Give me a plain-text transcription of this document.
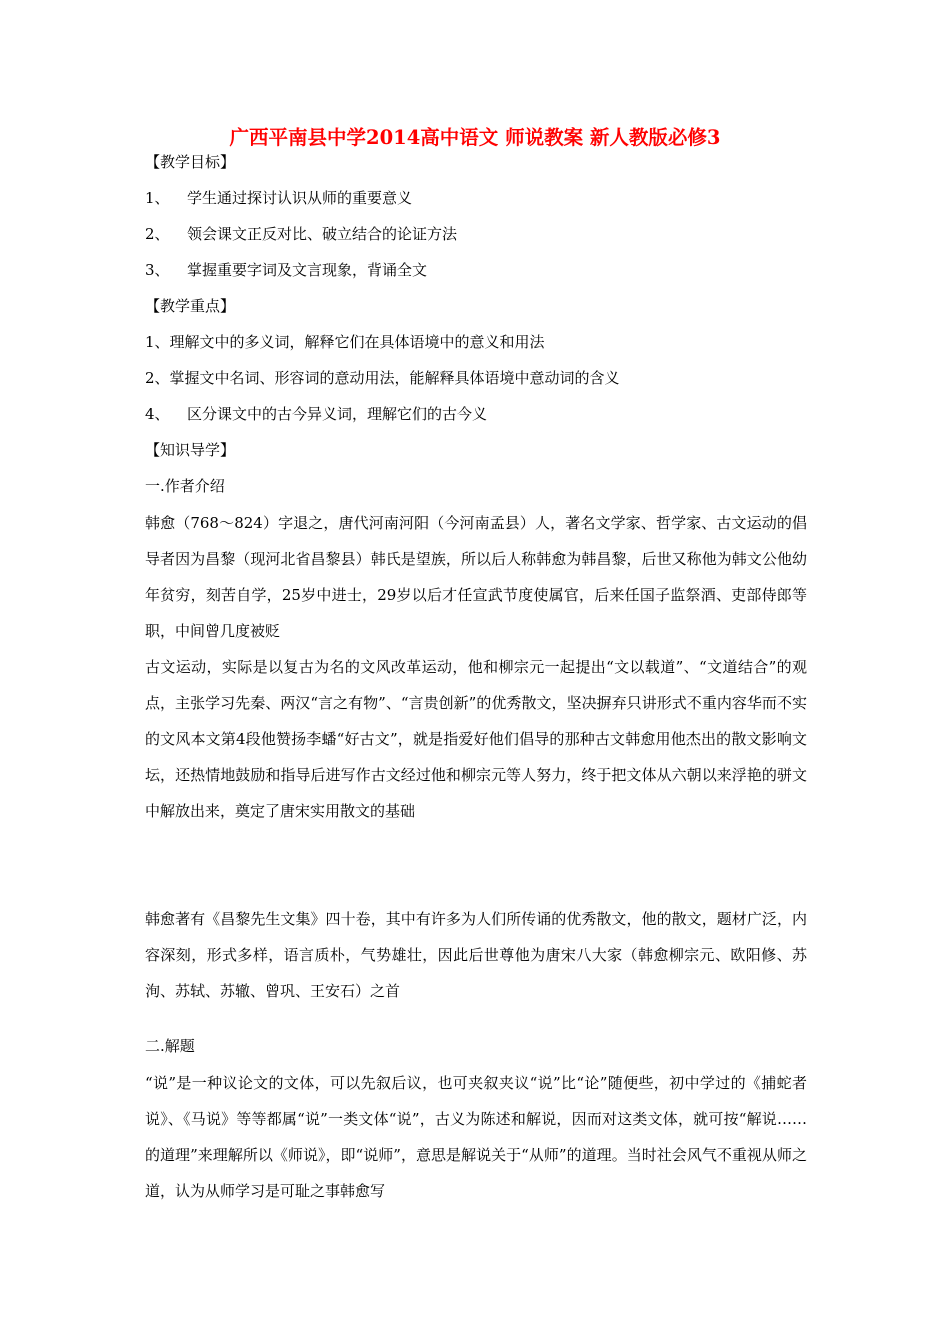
广西平南县中学2014高中语文 师说教案 新人教版必修3
【教学目标】
1、 学生通过探讨认识从师的重要意义
2、 领会课文正反对比、破立结合的论证方法
3、 掌握重要字词及文言现象，背诵全文
【教学重点】
1、理解文中的多义词，解释它们在具体语境中的意义和用法
2、掌握文中名词、形容词的意动用法，能解释具体语境中意动词的含义
4、 区分课文中的古今异义词，理解它们的古今义
【知识导学】
一.作者介绍

韩愈（768～824）字退之，唐代河南河阳（今河南孟县）人，著名文学家、哲学家、古文运动的倡导者因为昌黎（现河北省昌黎县）韩氏是望族，所以后人称韩愈为韩昌黎，后世又称他为韩文公他幼年贫穷，刻苦自学，25岁中进士，29岁以后才任宣武节度使属官，后来任国子监祭酒、吏部侍郎等职，中间曾几度被贬

古文运动，实际是以复古为名的文风改革运动，他和柳宗元一起提出“文以载道”、“文道结合”的观点，主张学习先秦、两汉“言之有物”、“言贵创新”的优秀散文，坚决摒弃只讲形式不重内容华而不实的文风本文第4段他赞扬李蟠“好古文”，就是指爱好他们倡导的那种古文韩愈用他杰出的散文影响文坛，还热情地鼓励和指导后进写作古文经过他和柳宗元等人努力，终于把文体从六朝以来浮艳的骈文中解放出来，奠定了唐宋实用散文的基础

韩愈著有《昌黎先生文集》四十卷，其中有许多为人们所传诵的优秀散文，他的散文，题材广泛，内容深刻，形式多样，语言质朴，气势雄壮，因此后世尊他为唐宋八大家（韩愈柳宗元、欧阳修、苏洵、苏轼、苏辙、曾巩、王安石）之首

二.解题

“说”是一种议论文的文体，可以先叙后议，也可夹叙夹议“说”比“论”随便些，初中学过的《捕蛇者说》、《马说》等等都属“说”一类文体“说”，古义为陈述和解说，因而对这类文体，就可按“解说……的道理”来理解所以《师说》，即“说师”，意思是解说关于“从师”的道理。当时社会风气不重视从师之道，认为从师学习是可耻之事韩愈写
